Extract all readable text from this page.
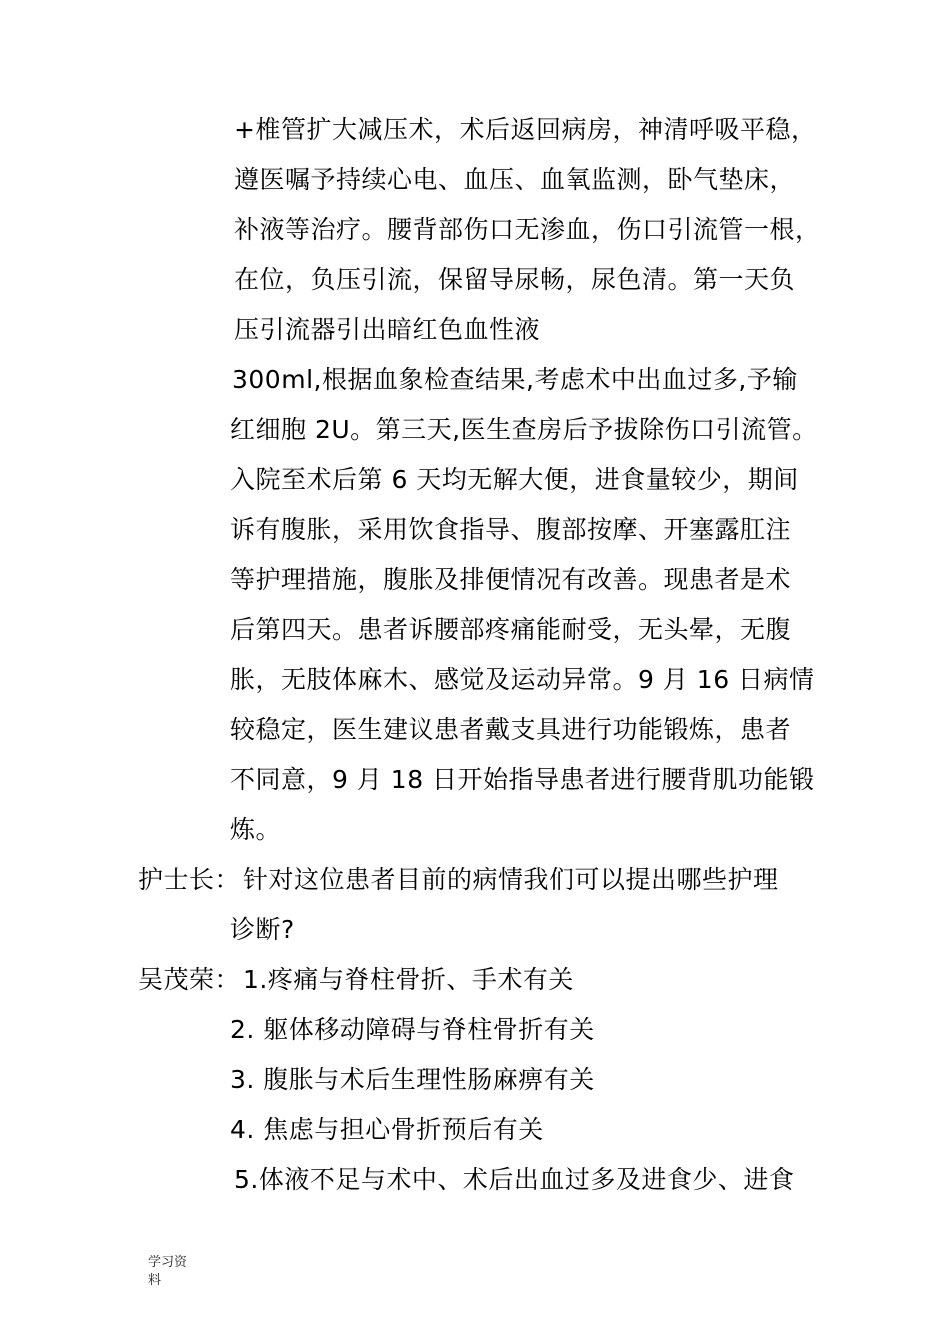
+椎管扩大减压术，术后返回病房，神清呼吸平稳，
遵医嘱予持续心电、血压、血氧监测，卧气垫床，
补液等治疗。腰背部伤口无渗血，伤口引流管一根，
在位，负压引流，保留导尿畅，尿色清。第一天负
压引流器引出暗红色血性液
300ml,根据血象检查结果,考虑术中出血过多,予输
红细胞 2U。第三天,医生查房后予拔除伤口引流管。
入院至术后第 6 天均无解大便，进食量较少，期间
诉有腹胀，采用饮食指导、腹部按摩、开塞露肛注
等护理措施，腹胀及排便情况有改善。现患者是术
后第四天。患者诉腰部疼痛能耐受，无头晕，无腹
胀，无肢体麻木、感觉及运动异常。9 月 16 日病情
较稳定，医生建议患者戴支具进行功能锻炼，患者
不同意，9 月 18 日开始指导患者进行腰背肌功能锻
炼。
护士长： 针对这位患者目前的病情我们可以提出哪些护理
诊断?
吴茂荣： 1.疼痛与脊柱骨折、手术有关
2. 躯体移动障碍与脊柱骨折有关
3. 腹胀与术后生理性肠麻痹有关
4. 焦虑与担心骨折预后有关
5.体液不足与术中、术后出血过多及进食少、进食
学习资
料
